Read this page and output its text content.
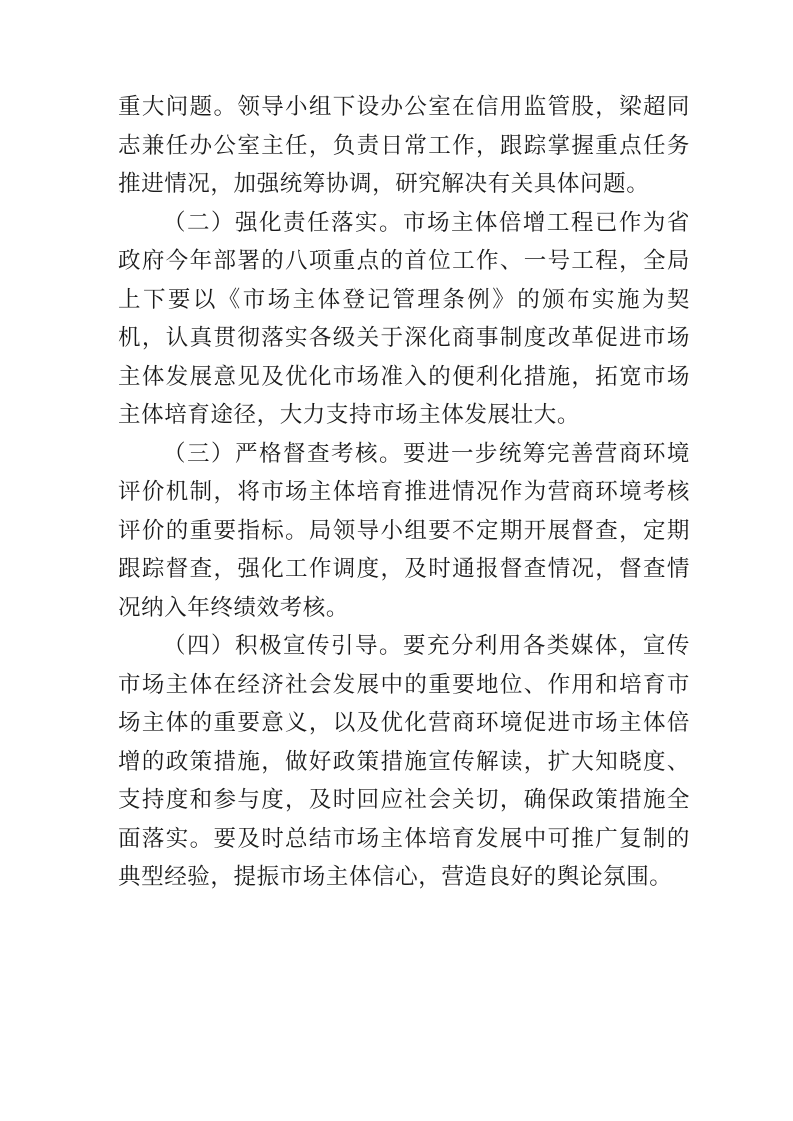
重大问题。领导小组下设办公室在信用监管股，梁超同志兼任办公室主任，负责日常工作，跟踪掌握重点任务推进情况，加强统筹协调，研究解决有关具体问题。

（二）强化责任落实。市场主体倍增工程已作为省政府今年部署的八项重点的首位工作、一号工程，全局上下要以《市场主体登记管理条例》的颁布实施为契机，认真贯彻落实各级关于深化商事制度改革促进市场主体发展意见及优化市场准入的便利化措施，拓宽市场主体培育途径，大力支持市场主体发展壮大。

（三）严格督查考核。要进一步统筹完善营商环境评价机制，将市场主体培育推进情况作为营商环境考核评价的重要指标。局领导小组要不定期开展督查，定期跟踪督查，强化工作调度，及时通报督查情况，督查情况纳入年终绩效考核。

（四）积极宣传引导。要充分利用各类媒体，宣传市场主体在经济社会发展中的重要地位、作用和培育市场主体的重要意义，以及优化营商环境促进市场主体倍增的政策措施，做好政策措施宣传解读，扩大知晓度、支持度和参与度，及时回应社会关切，确保政策措施全面落实。要及时总结市场主体培育发展中可推广复制的典型经验，提振市场主体信心，营造良好的舆论氛围。
